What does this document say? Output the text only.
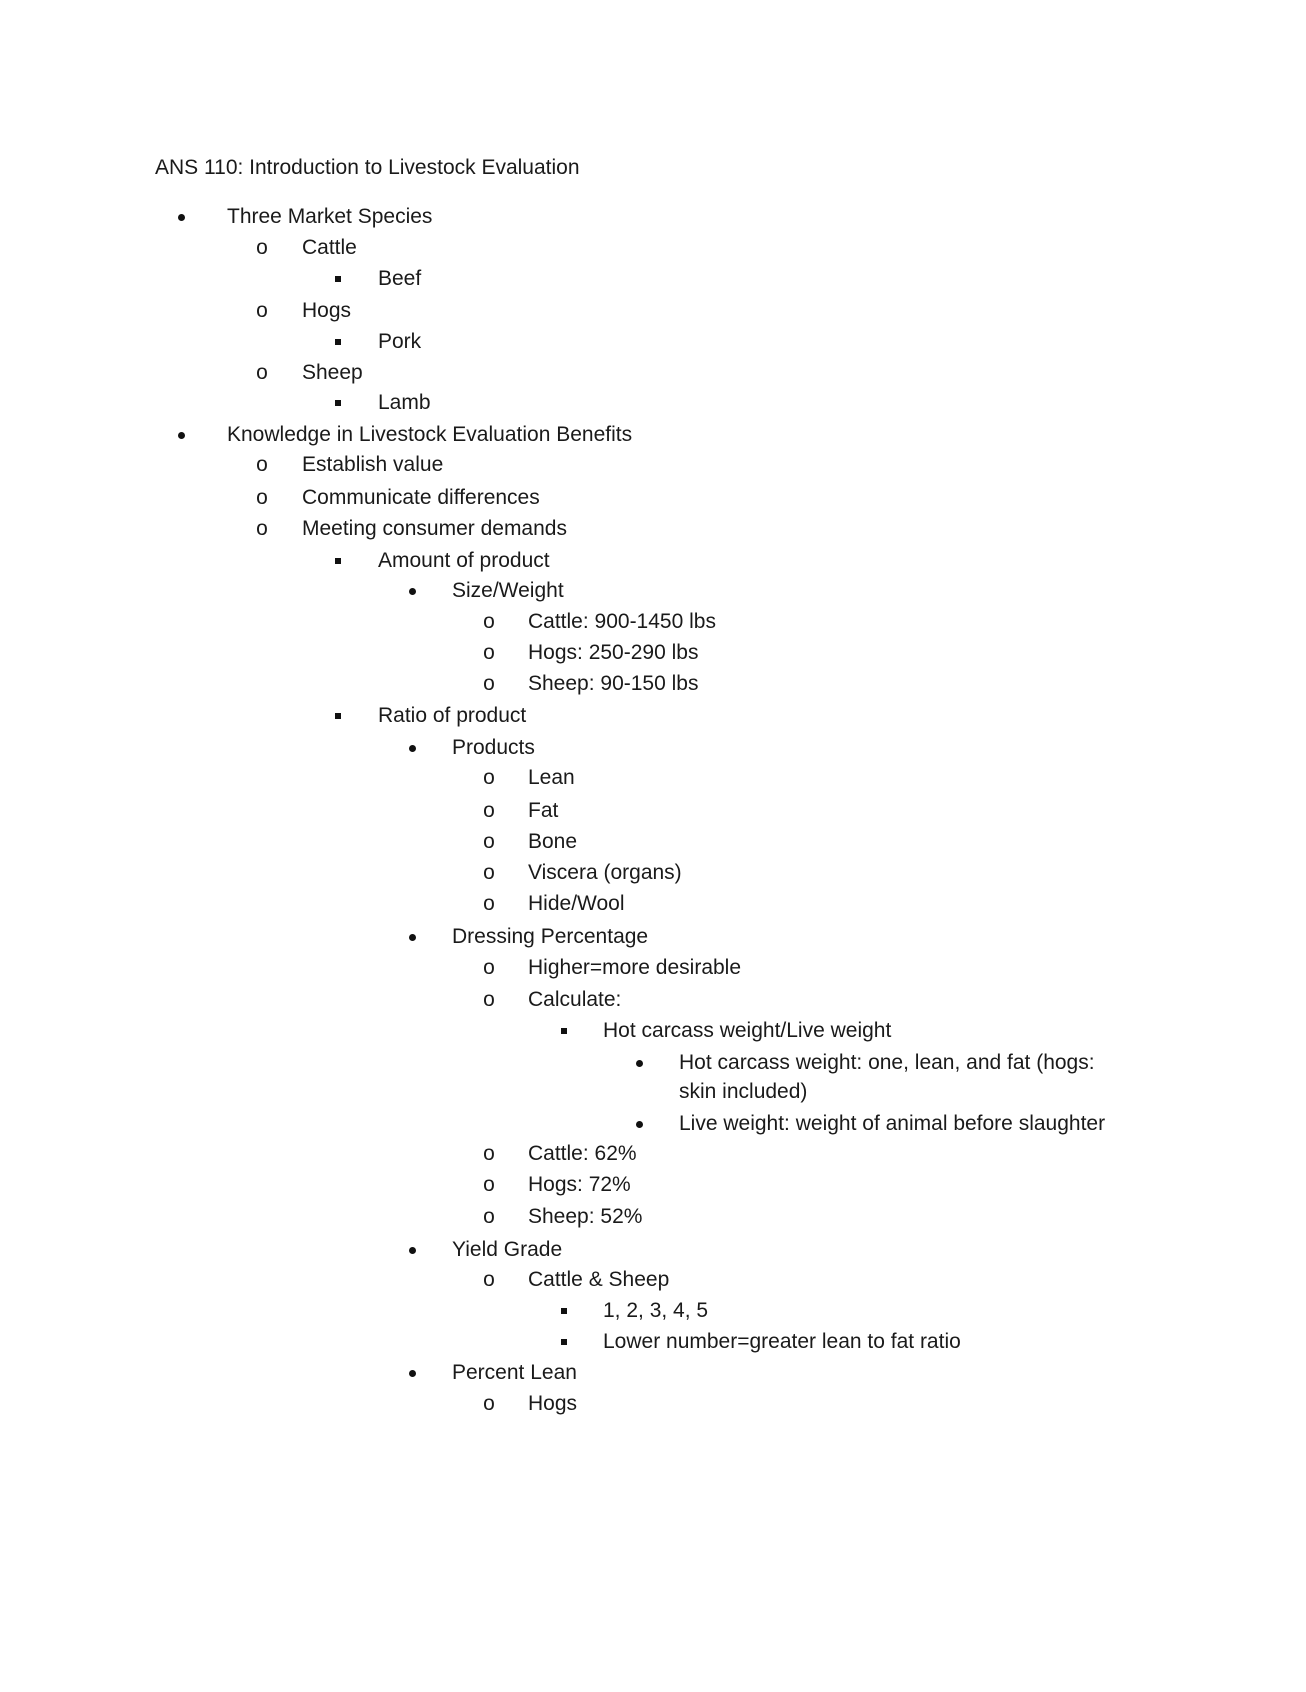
ANS 110: Introduction to Livestock Evaluation
Three Market Species
o Cattle
Beef
o Hogs
Pork
o Sheep
Lamb
Knowledge in Livestock Evaluation Benefits
o Establish value
o Communicate differences
o Meeting consumer demands
Amount of product
Size/Weight
o Cattle: 900-1450 lbs
o Hogs: 250-290 lbs
o Sheep: 90-150 lbs
Ratio of product
Products
o Lean
o Fat
o Bone
o Viscera (organs)
o Hide/Wool
Dressing Percentage
o Higher=more desirable
o Calculate:
Hot carcass weight/Live weight
Hot carcass weight: one, lean, and fat (hogs:
skin included)
Live weight: weight of animal before slaughter
o Cattle: 62%
o Hogs: 72%
o Sheep: 52%
Yield Grade
o Cattle & Sheep
1, 2, 3, 4, 5
Lower number=greater lean to fat ratio
Percent Lean
o Hogs
